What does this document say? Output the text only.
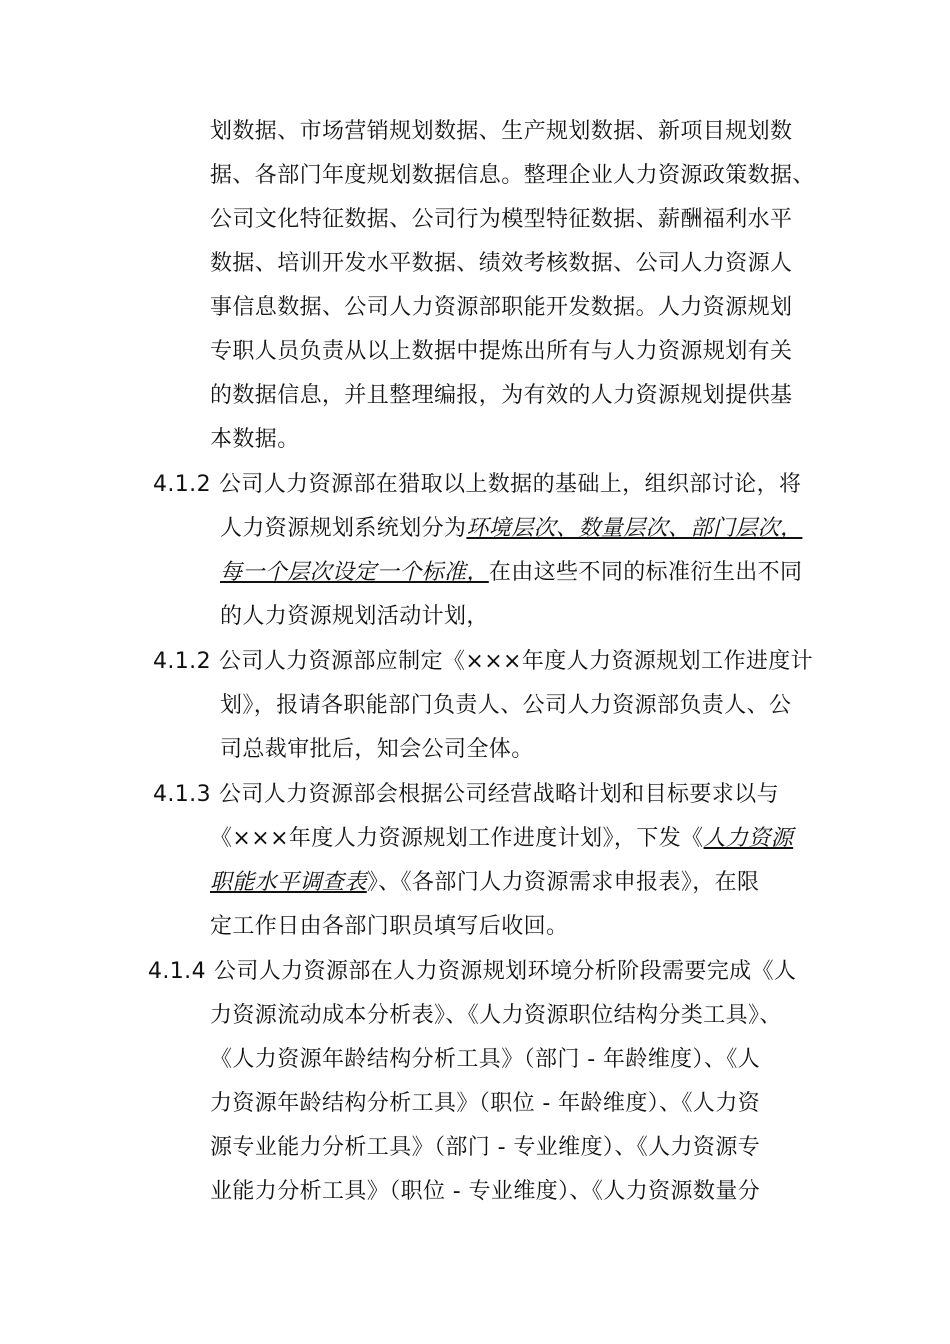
划数据、市场营销规划数据、生产规划数据、新项目规划数

据、各部门年度规划数据信息。整理企业人力资源政策数据、

公司文化特征数据、公司行为模型特征数据、薪酬福利水平

数据、培训开发水平数据、绩效考核数据、公司人力资源人

事信息数据、公司人力资源部职能开发数据。人力资源规划

专职人员负责从以上数据中提炼出所有与人力资源规划有关

的数据信息，并且整理编报，为有效的人力资源规划提供基

本数据。

4.1.2 公司人力资源部在猎取以上数据的基础上，组织部讨论，将

人力资源规划系统划分为环境层次、数量层次、部门层次，

每一个层次设定一个标准，在由这些不同的标准衍生出不同

的人力资源规划活动计划，

4.1.2 公司人力资源部应制定《×××年度人力资源规划工作进度计

划》，报请各职能部门负责人、公司人力资源部负责人、公

司总裁审批后，知会公司全体。

4.1.3 公司人力资源部会根据公司经营战略计划和目标要求以与

《×××年度人力资源规划工作进度计划》，下发《人力资源

职能水平调查表》、《各部门人力资源需求申报表》，在限

定工作日由各部门职员填写后收回。

4.1.4 公司人力资源部在人力资源规划环境分析阶段需要完成《人

力资源流动成本分析表》、《人力资源职位结构分类工具》、

《人力资源年龄结构分析工具》（部门 - 年龄维度）、《人

力资源年龄结构分析工具》（职位 - 年龄维度）、《人力资

源专业能力分析工具》（部门 - 专业维度）、《人力资源专

业能力分析工具》（职位 - 专业维度）、《人力资源数量分
